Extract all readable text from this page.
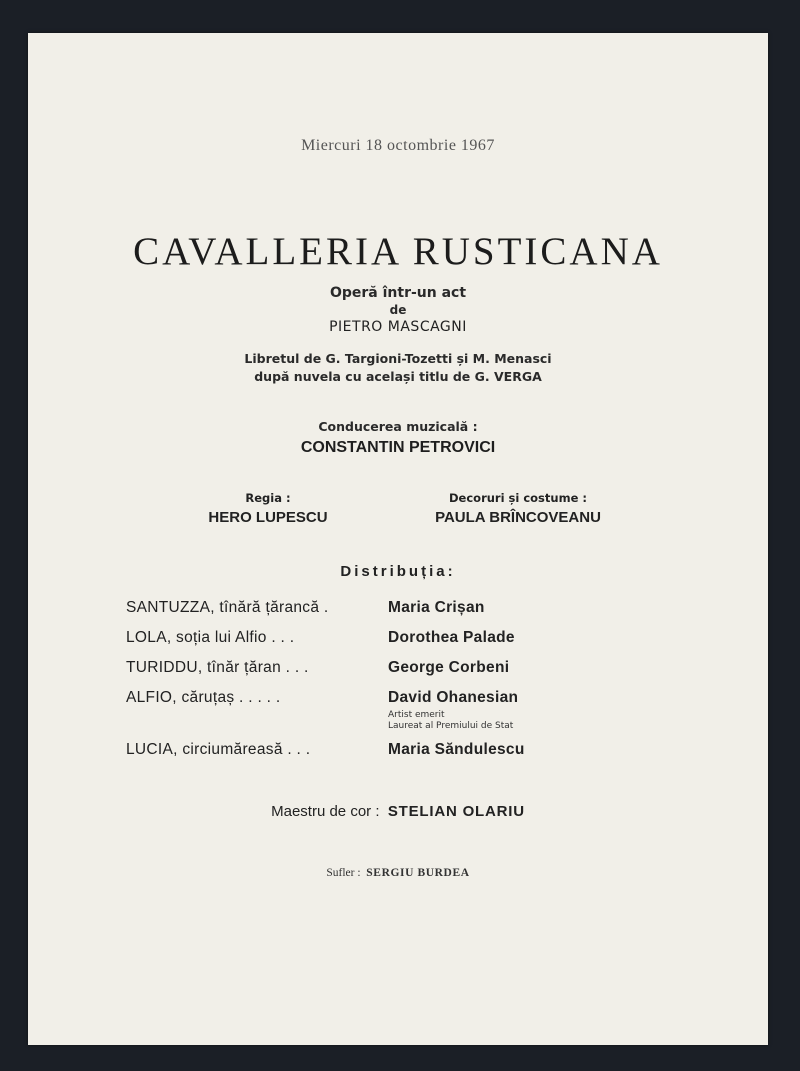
Miercuri 18 octombrie 1967
CAVALLERIA RUSTICANA
Operă într-un act
de
PIETRO MASCAGNI
Libretul de G. Targioni-Tozetti și M. Menasci
după nuvela cu același titlu de G. VERGA
Conducerea muzicală :
CONSTANTIN PETROVICI
Regia :
HERO LUPESCU
Decoruri și costume :
PAULA BRÎNCOVEANU
Distribuția:
SANTUZZA, tînără țărancă .	Maria Crișan
LOLA, soția lui Alfio . . .	Dorothea Palade
TURIDDU, tînăr țăran . . .	George Corbeni
ALFIO, căruțaș . . . . .	David Ohanesian
Artist emerit
Laureat al Premiului de Stat
LUCIA, circiumăreasă . . .	Maria Săndulescu
Maestru de cor : STELIAN OLARIU
Sufler : SERGIU BURDEA
